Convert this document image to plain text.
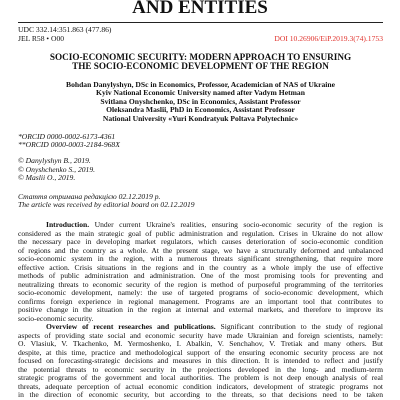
AND ENTITIES
UDC 332.14:351.863 (477.86)
JEL R58 • O00	DOI 10.26906/EiP.2019.3(74).1753
SOCIO-ECONOMIC SECURITY: MODERN APPROACH TO ENSURING
THE SOCIO-ECONOMIC DEVELOPMENT OF THE REGION
Bohdan Danylyshyn, DSc in Economics, Professor, Academician of NAS of Ukraine
Kyiv National Economic University named after Vadym Hetman
Svitlana Onyshchenko, DSc in Economics, Assistant Professor
Oleksandra Maslii, PhD in Economics, Assistant Professor
National University «Yuri Kondratyuk Poltava Polytechnic»
*ORCID 0000-0002-6173-4361
**ORCID 0000-0003-2184-968X
© Danylyshyn B., 2019.
© Onyshchenko S., 2019.
© Maslii O., 2019.
Стаття отримана редакцією 02.12.2019 р.
The article was received by editorial board on 02.12.2019
Introduction. Under current Ukraine's realities, ensuring socio-economic security of the region is
considered as the main strategic goal of public administration and regulation. Crises in Ukraine do not allow
the necessary pace in developing market regulators, which causes deterioration of socio-economic condition
of regions and the country as a whole. At the present stage, we have a structurally deformed and unbalanced
socio-economic system in the region, with a numerous threats significant strengthening, that require more
effective action. Crisis situations in the regions and in the country as a whole imply the use of effective
methods of public administration and administration. One of the most promising tools for preventing and
neutralizing threats to economic security of the region is method of purposeful programming of the territories
socio-economic development, namely: the use of targeted programs of socio-economic development, which
confirms foreign experience in regional management. Programs are an important tool that contributes to
positive change in the situation in the region at internal and external markets, and therefore to improve its
socio-economic security.
Overview of recent researches and publications. Significant contribution to the study of regional
aspects of providing state social and economic security have made Ukrainian and foreign scientists, namely:
O. Vlasiuk, V. Tkachenko, M. Yermoshenko, I. Abalkin, V. Senchahov, V. Tretiak and many others. But
despite, at this time, practice and methodological support of the ensuring economic security process are not
focused on forecasting-strategic decisions and measures in this direction. It is intended to reflect and justify
the potential threats to economic security in the projections developed in the long- and medium-term
strategic programs of the government and local authorities. The problem is not deep enough analysis of real
threats, adequate perception of actual economic condition indicators, development of strategic programs not
in the direction of economic security, but according to the threats, so that decisions need to be taken
